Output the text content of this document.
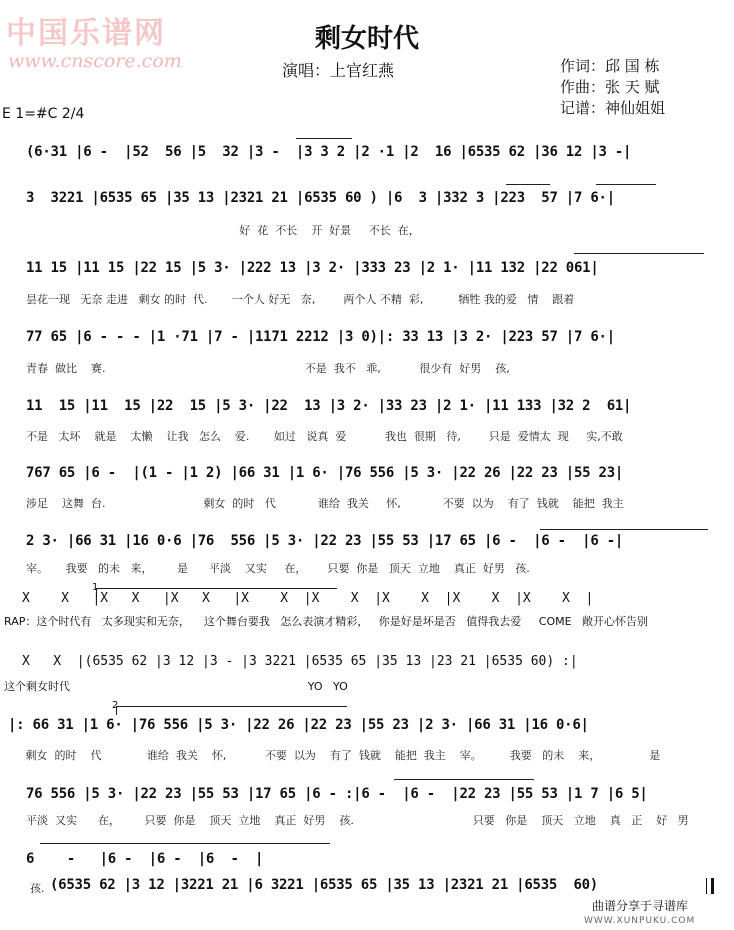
中国乐谱网
www.cnscore.com
剩女时代
演唱：上官红燕	作词：邱 国 栋
作曲：张 天 赋
记谱：神仙姐姐
E 1=#C 2/4
(6·31 |6 -  |52  56 |5  32 |3 -  |3 3 2 |2 ·1 |2  16 |6535 62 |36 12 |3 -|
3  3221 |6535 65 |35 13 |2321 21 |6535 60 ) |6  3 |332 3 |223  57 |7 6·|
好  花  不长    开  好景     不长  在，
11 15 |11 15 |22 15 |5 3· |222 13 |3 2· |333 23 |2 1· |11 132 |22 061|
昙花一现   无奈 走进   剩女 的时  代.       一个人 好无   奈,        两个人 不精  彩,          牺牲 我的爱   情    跟着
77 65 |6 - - - |1 ·71 |7 - |1171 2212 |3 0)|: 33 13 |3 2· |223 57 |7 6·|
青春  做比    赛.                                                         不是  我不   乖,           很少有  好男    孩,
11  15 |11  15 |22  15 |5 3· |22  13 |3 2· |33 23 |2 1· |11 133 |32 2  61|
不是   太坏    就是    太懒    让我   怎么    爱.       如过   说真  爱           我也  很期   待,        只是  爱情太  现     实,不敢
767 65 |6 -  |(1 - |1 2) |66 31 |1 6· |76 556 |5 3· |22 26 |22 23 |55 23|
涉足    这舞  台.                            剩女  的时   代            谁给  我关     怀,            不要  以为    有了  钱就    能把  我主
2 3· |66 31 |16 0·6 |76  556 |5 3· |22 23 |55 53 |17 65 |6 -  |6 -  |6 -|
宰。     我要   的未   来，       是      平淡    又实     在，      只要  你是   顶天  立地    真正  好男   孩.
1
X    X   |X   X   |X   X   |X    X  |X    X  |X    X  |X    X  |X    X  |
RAP：这个时代有   太多现实和无奈，    这个舞台要我   怎么表演才精彩，   你是好是坏是否   值得我去爱     COME   敞开心怀告别
X   X  |(6535 62 |3 12 |3 - |3 3221 |6535 65 |35 13 |23 21 |6535 60) :|
这个剩女时代                                                                    YO   YO
2
|: 66 31 |1 6· |76 556 |5 3· |22 26 |22 23 |55 23 |2 3· |66 31 |16 0·6|
剩女  的时    代             谁给  我关    怀,           不要  以为    有了  钱就    能把  我主    宰。        我要   的未    来，              是
76 556 |5 3· |22 23 |55 53 |17 65 |6 - :|6 -  |6 -  |22 23 |55 53 |1 7 |6 5|
平淡  又实      在，       只要  你是    顶天  立地    真正  好男    孩.                                  只要   你是    顶天   立地    真   正    好   男
6    -   |6 -  |6 -  |6  -  |
孩. (6535 62 |3 12 |3221 21 |6 3221 |6535 65 |35 13 |2321 21 |6535  60)
曲谱分享于寻谱库
WWW.XUNPUKU.COM
